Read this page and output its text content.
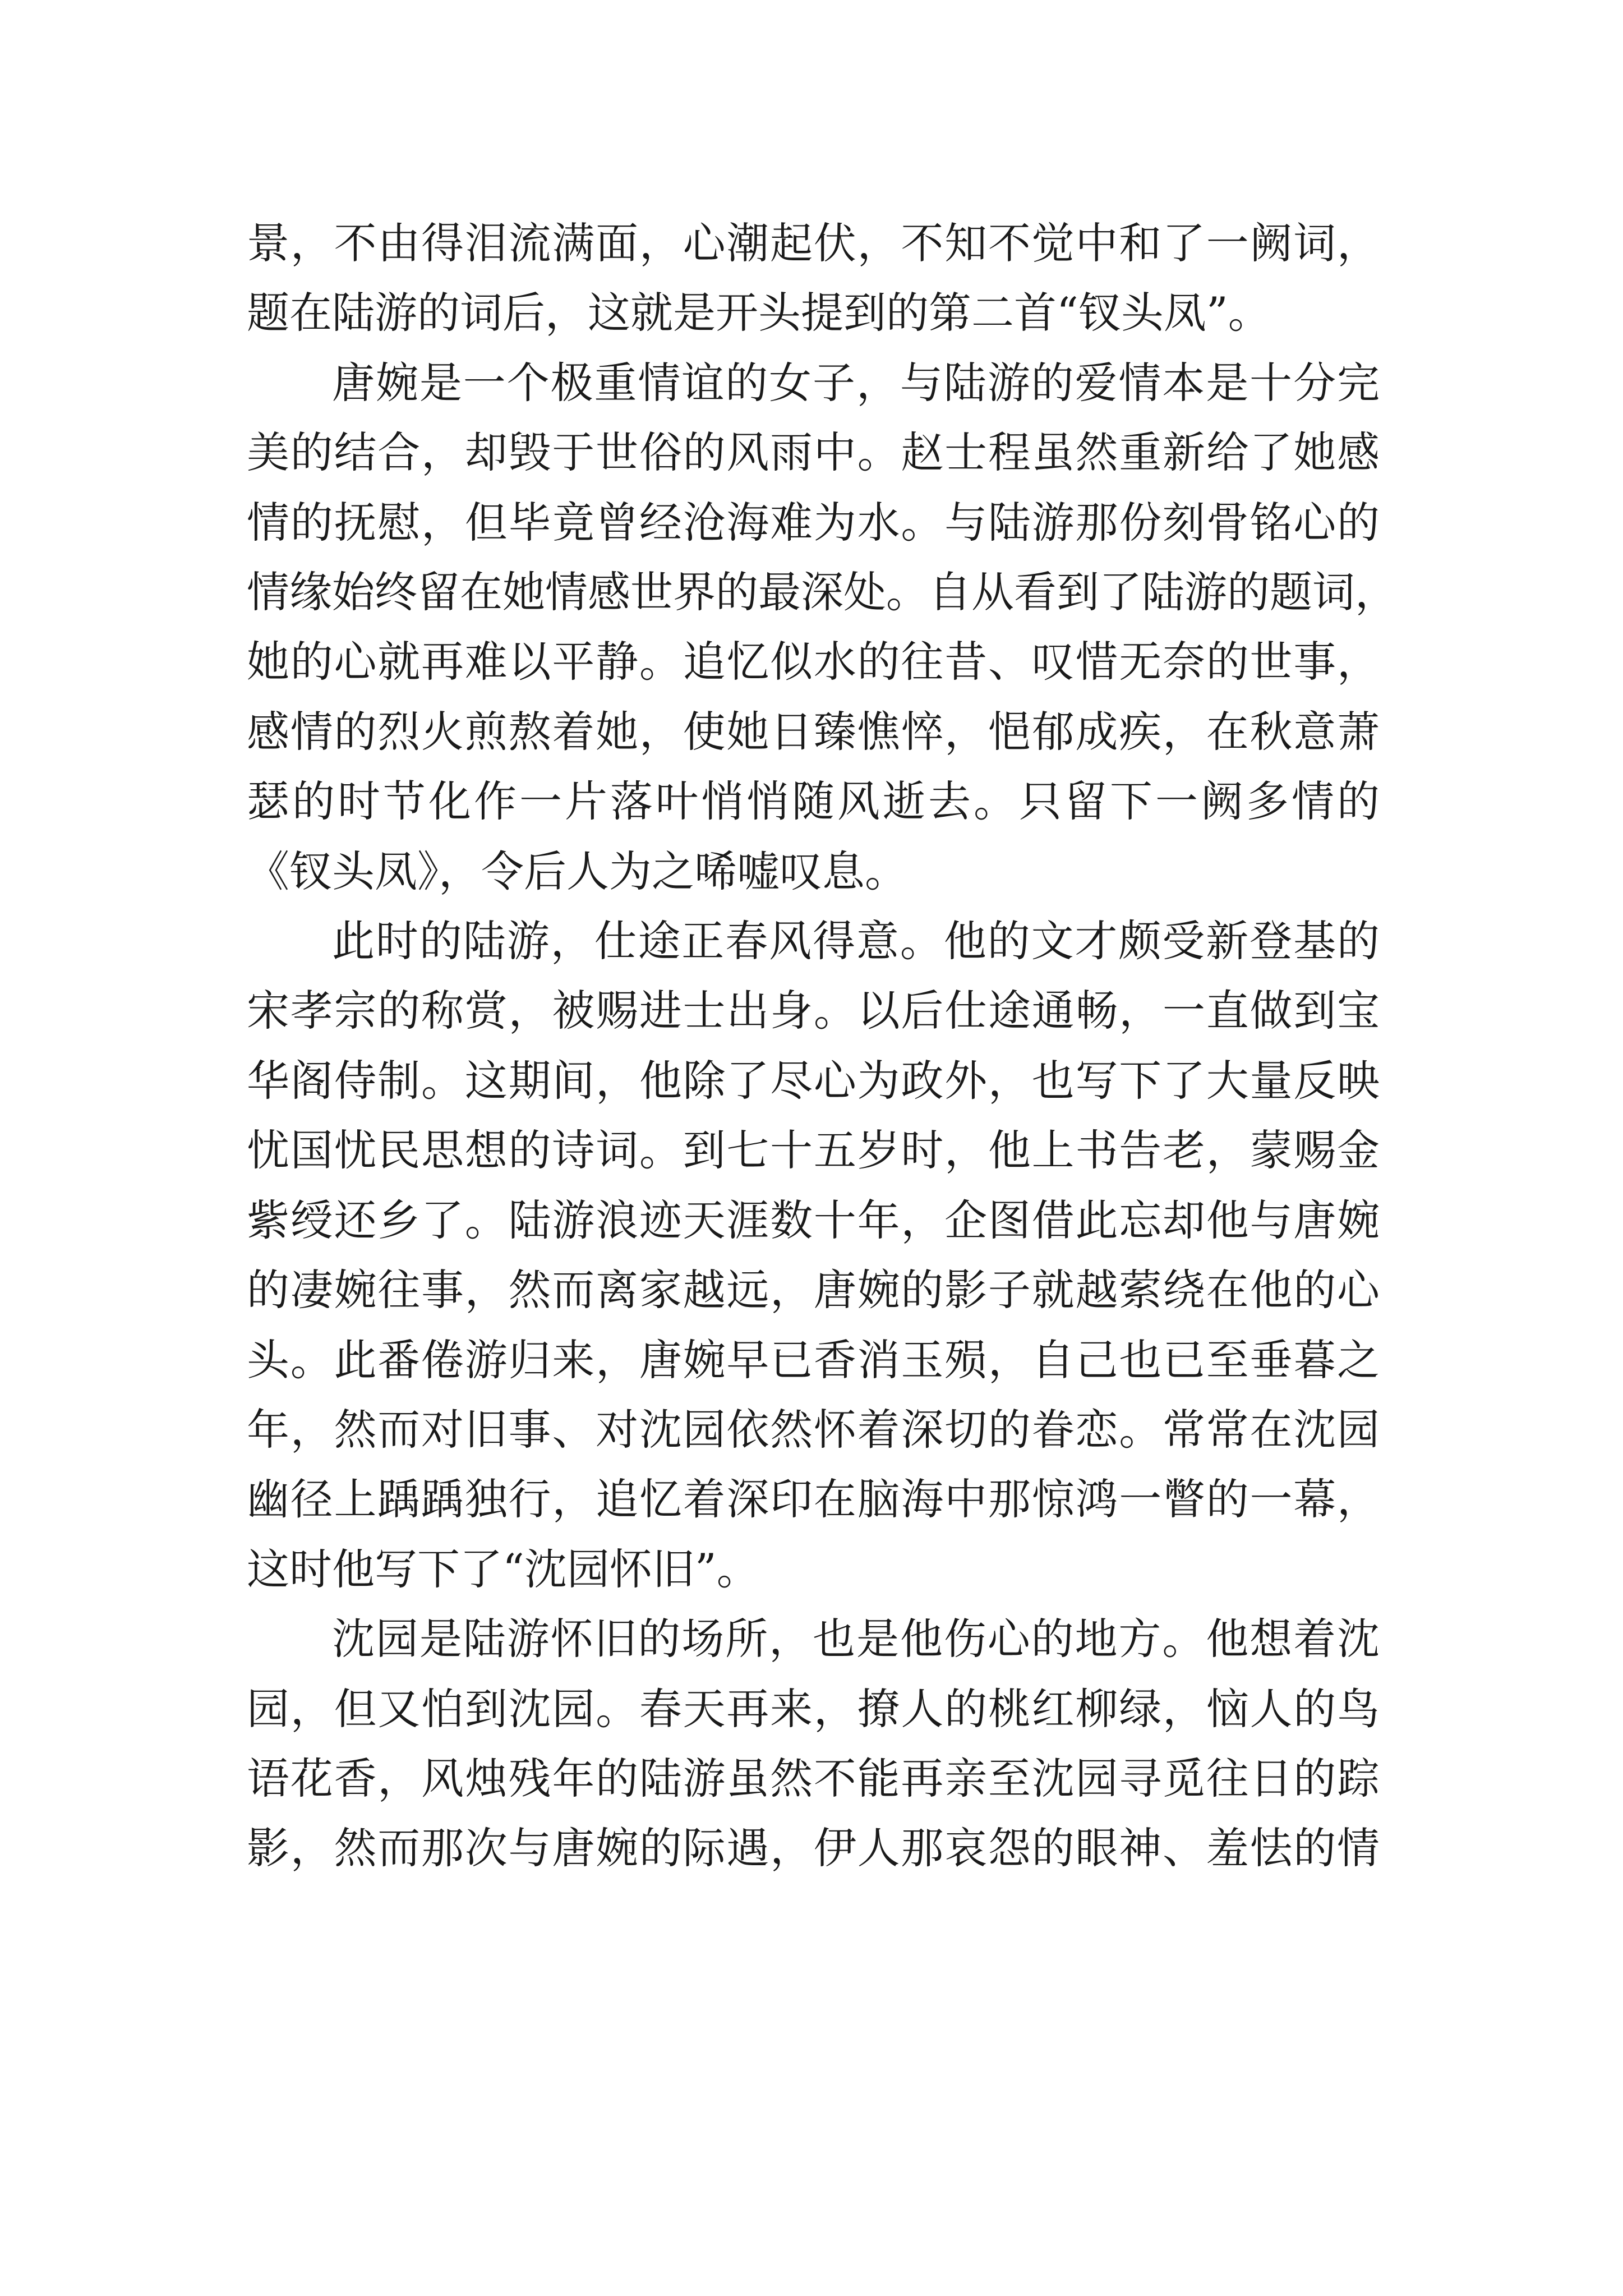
景，不由得泪流满面，心潮起伏，不知不觉中和了一阙词，
题在陆游的词后，这就是开头提到的第二首“钗头凤”。

唐婉是一个极重情谊的女子，与陆游的爱情本是十分完
美的结合，却毁于世俗的风雨中。赵士程虽然重新给了她感
情的抚慰，但毕竟曾经沧海难为水。与陆游那份刻骨铭心的
情缘始终留在她情感世界的最深处。自从看到了陆游的题词，
她的心就再难以平静。追忆似水的往昔、叹惜无奈的世事，
感情的烈火煎熬着她，使她日臻憔悴，悒郁成疾，在秋意萧
瑟的时节化作一片落叶悄悄随风逝去。只留下一阙多情的
《钗头凤》，令后人为之唏嘘叹息。

此时的陆游，仕途正春风得意。他的文才颇受新登基的
宋孝宗的称赏，被赐进士出身。以后仕途通畅，一直做到宝
华阁侍制。这期间，他除了尽心为政外，也写下了大量反映
忧国忧民思想的诗词。到七十五岁时，他上书告老，蒙赐金
紫绶还乡了。陆游浪迹天涯数十年，企图借此忘却他与唐婉
的凄婉往事，然而离家越远，唐婉的影子就越萦绕在他的心
头。此番倦游归来，唐婉早已香消玉殒，自己也已至垂暮之
年，然而对旧事、对沈园依然怀着深切的眷恋。常常在沈园
幽径上踽踽独行，追忆着深印在脑海中那惊鸿一瞥的一幕，
这时他写下了“沈园怀旧”。

沈园是陆游怀旧的场所，也是他伤心的地方。他想着沈
园，但又怕到沈园。春天再来，撩人的桃红柳绿，恼人的鸟
语花香，风烛残年的陆游虽然不能再亲至沈园寻觅往日的踪
影，然而那次与唐婉的际遇，伊人那哀怨的眼神、羞怯的情
